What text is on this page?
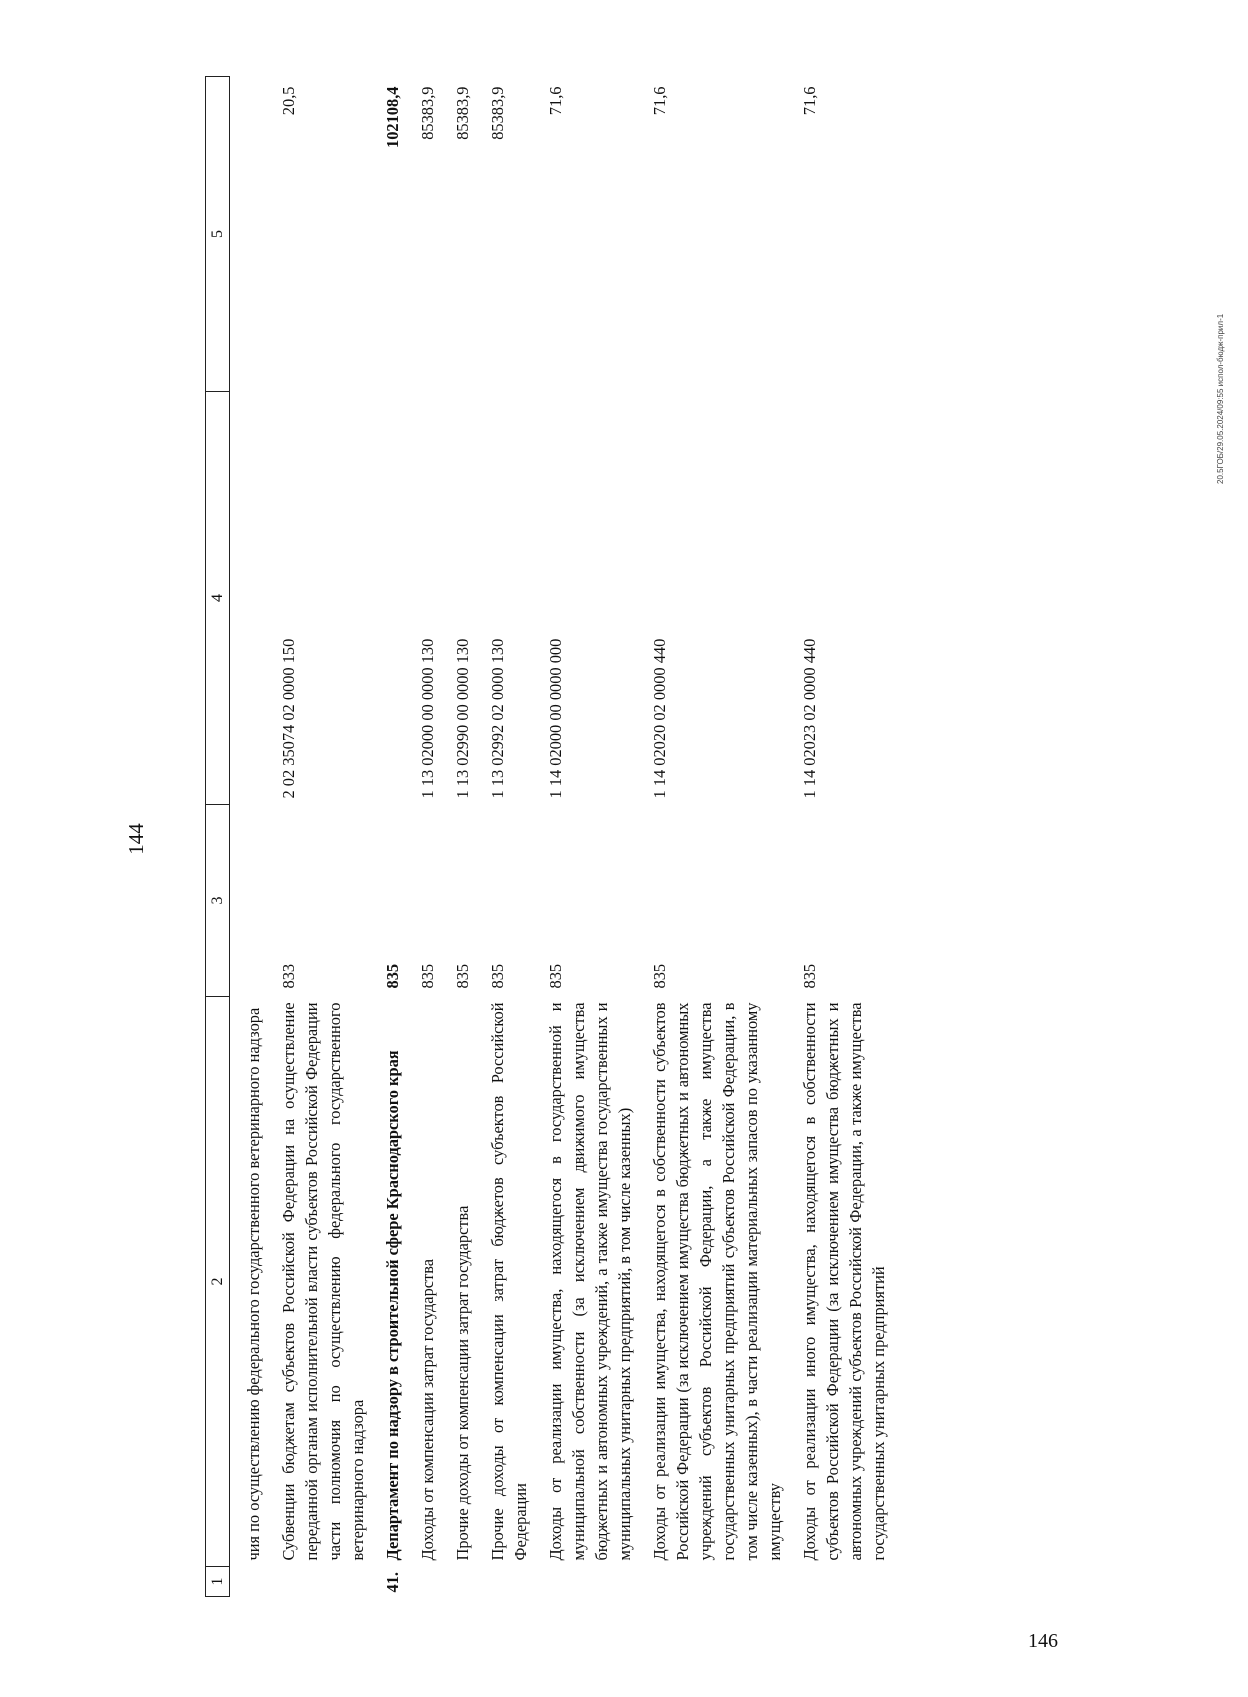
144
1	2	3	4	5

	чия по осуществлению федерального государственного ветеринарного надзора			

	Субвенции бюджетам субъектов Российской Федерации на осуществление переданной органам исполнительной власти субъектов Российской Федерации части полномочия по осуществлению федерального государственного ветеринарного надзора	833	2 02 35074 02 0000 150	20,5

41.	Департамент по надзору в строительной сфере Краснодарского края	835		102108,4

	Доходы от компенсации затрат государства	835	1 13 02000 00 0000 130	85383,9

	Прочие доходы от компенсации затрат государства	835	1 13 02990 00 0000 130	85383,9

	Прочие доходы от компенсации затрат бюджетов субъектов Российской Федерации	835	1 13 02992 02 0000 130	85383,9

	Доходы от реализации имущества, находящегося в государственной и муниципальной собственности (за исключением движимого имущества бюджетных и автономных учреждений, а также имущества государственных и муниципальных унитарных предприятий, в том числе казенных)	835	1 14 02000 00 0000 000	71,6

	Доходы от реализации имущества, находящегося в собственности субъектов Российской Федерации (за исключением имущества бюджетных и автономных учреждений субъектов Российской Федерации, а также имущества государственных унитарных предприятий субъектов Российской Федерации, в том числе казенных), в части реализации материальных запасов по указанному имуществу	835	1 14 02020 02 0000 440	71,6

	Доходы от реализации иного имущества, находящегося в собственности субъектов Российской Федерации (за исключением имущества бюджетных и автономных учреждений субъектов Российской Федерации, а также имущества государственных унитарных предприятий	835	1 14 02023 02 0000 440	71,6
20.5ГОБ/29.05.2024/09:55 испол-бюдж-прил-1
146
